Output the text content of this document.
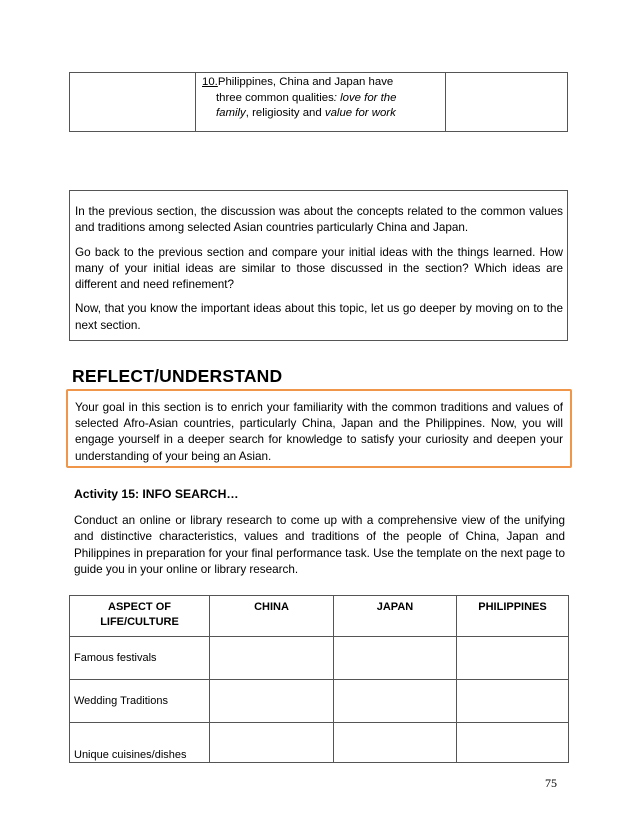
10.Philippines, China and Japan have
three common qualities: love for the
family, religiosity and value for work

In the previous section, the discussion was about the concepts related to the common values and traditions among selected Asian countries particularly China and Japan.

Go back to the previous section and compare your initial ideas with the things learned. How many of your initial ideas are similar to those discussed in the section? Which ideas are different and need refinement?

Now, that you know the important ideas about this topic, let us go deeper by moving on to the next section.

REFLECT/UNDERSTAND
Your goal in this section is to enrich your familiarity with the common traditions and values of selected Afro-Asian countries, particularly China, Japan and the Philippines. Now, you will engage yourself in a deeper search for knowledge to satisfy your curiosity and deepen your understanding of your being an Asian.
Activity 15: INFO SEARCH…

Conduct an online or library research to come up with a comprehensive view of the unifying and distinctive characteristics, values and traditions of the people of China, Japan and Philippines in preparation for your final performance task. Use the template on the next page to guide you in your online or library research.

ASPECT OF LIFE/CULTURE	CHINA	JAPAN	PHILIPPINES
Famous festivals			
Wedding Traditions			
Unique cuisines/dishes			
75
